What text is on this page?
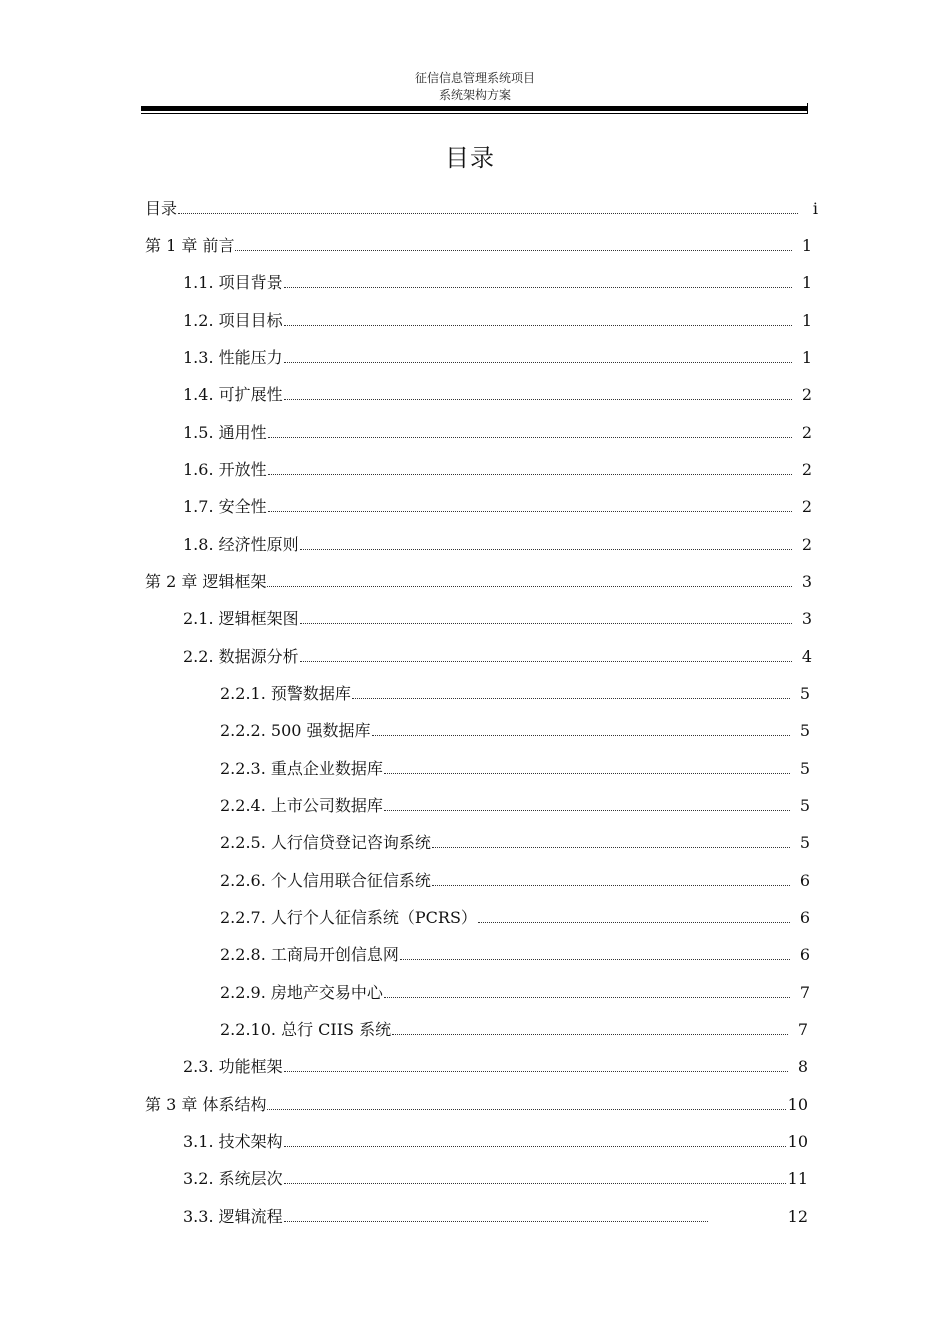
征信信息管理系统项目
系统架构方案
目录
目录	i
第 1 章 前言	1
1.1. 项目背景	1
1.2. 项目目标	1
1.3. 性能压力	1
1.4. 可扩展性	2
1.5. 通用性	2
1.6. 开放性	2
1.7. 安全性	2
1.8. 经济性原则	2
第 2 章 逻辑框架	3
2.1. 逻辑框架图	3
2.2. 数据源分析	4
2.2.1. 预警数据库	5
2.2.2. 500 强数据库	5
2.2.3. 重点企业数据库	5
2.2.4. 上市公司数据库	5
2.2.5. 人行信贷登记咨询系统	5
2.2.6. 个人信用联合征信系统	6
2.2.7. 人行个人征信系统（PCRS）	6
2.2.8. 工商局开创信息网	6
2.2.9. 房地产交易中心	7
2.2.10. 总行 CIIS 系统	7
2.3. 功能框架	8
第 3 章 体系结构	10
3.1. 技术架构	10
3.2. 系统层次	11
3.3. 逻辑流程	12
